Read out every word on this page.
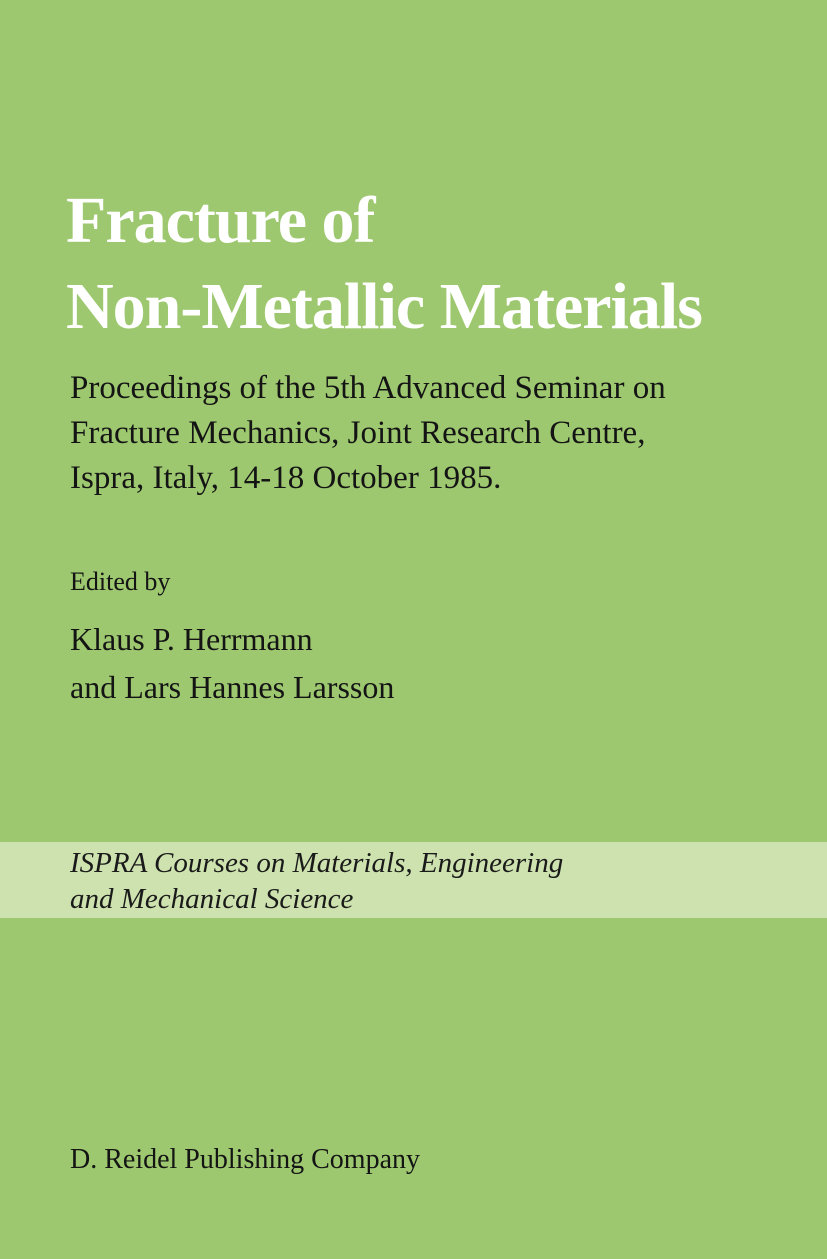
Fracture of
Non-Metallic Materials

Proceedings of the 5th Advanced Seminar on
Fracture Mechanics, Joint Research Centre,
Ispra, Italy, 14-18 October 1985.

Edited by
Klaus P. Herrmann
and Lars Hannes Larsson
ISPRA Courses on Materials, Engineering
and Mechanical Science
D. Reidel Publishing Company
